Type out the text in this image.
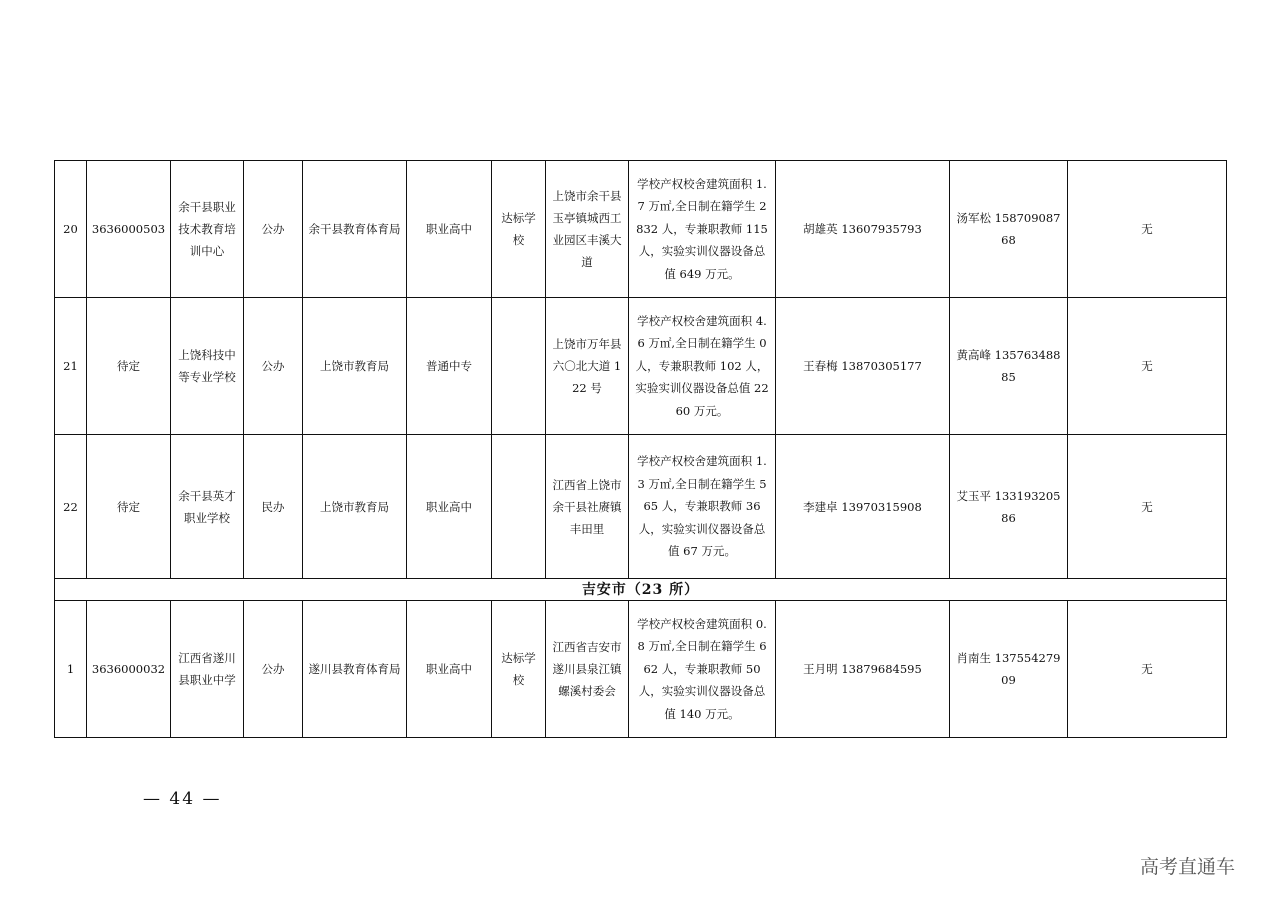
20	3636000503	余干县职业技术教育培训中心	公办	余干县教育体育局	职业高中	达标学校	上饶市余干县玉亭镇城西工业园区丰溪大道	学校产权校舍建筑面积 1.7 万㎡,全日制在籍学生 2832 人，专兼职教师 115 人，实验实训仪器设备总值 649 万元。	胡雄英 13607935793	汤军松 15870908768	无
21	待定	上饶科技中等专业学校	公办	上饶市教育局	普通中专		上饶市万年县六〇北大道 122 号	学校产权校舍建筑面积 4.6 万㎡,全日制在籍学生 0 人，专兼职教师 102 人，实验实训仪器设备总值 2260 万元。	王春梅 13870305177	黄高峰 13576348885	无
22	待定	余干县英才职业学校	民办	上饶市教育局	职业高中		江西省上饶市余干县社赓镇丰田里	学校产权校舍建筑面积 1.3 万㎡,全日制在籍学生 565 人，专兼职教师 36 人，实验实训仪器设备总值 67 万元。	李建卓 13970315908	艾玉平 13319320586	无
吉安市（23 所）											
1	3636000032	江西省遂川县职业中学	公办	遂川县教育体育局	职业高中	达标学校	江西省吉安市遂川县泉江镇螺溪村委会	学校产权校舍建筑面积 0.8 万㎡,全日制在籍学生 662 人，专兼职教师 50 人，实验实训仪器设备总值 140 万元。	王月明 13879684595	肖南生 13755427909	无
— 44 —
高考直通车
